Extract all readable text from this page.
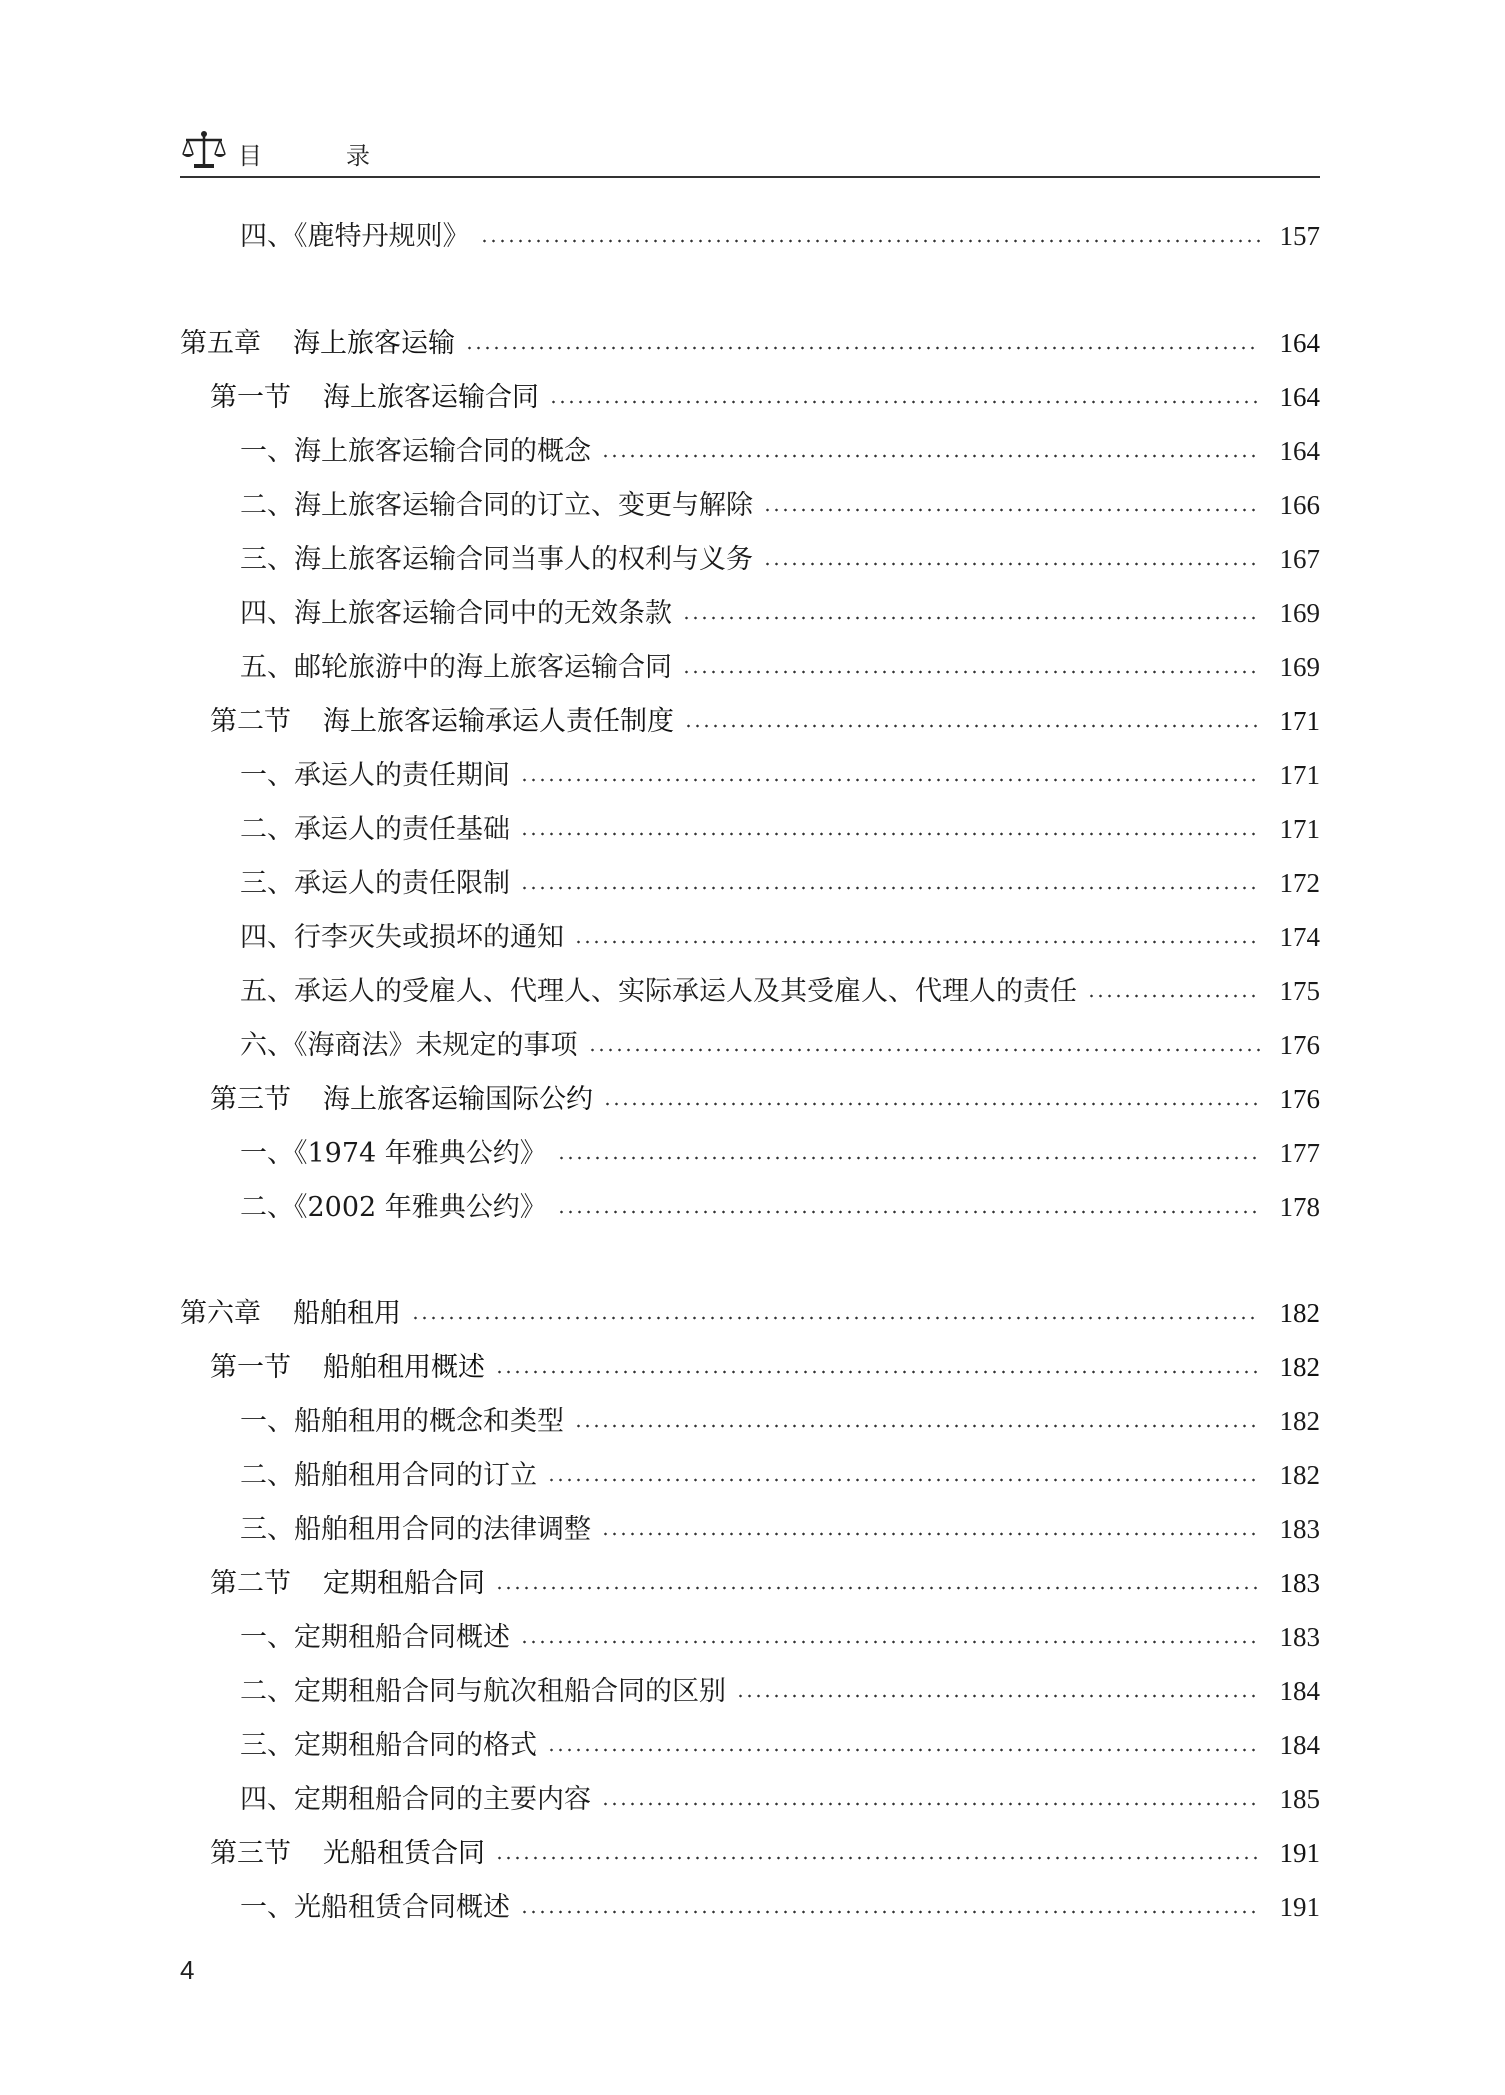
目　录
四、《鹿特丹规则》	157
第五章 海上旅客运输	164
第一节 海上旅客运输合同	164
一、海上旅客运输合同的概念	164
二、海上旅客运输合同的订立、变更与解除	166
三、海上旅客运输合同当事人的权利与义务	167
四、海上旅客运输合同中的无效条款	169
五、邮轮旅游中的海上旅客运输合同	169
第二节 海上旅客运输承运人责任制度	171
一、承运人的责任期间	171
二、承运人的责任基础	171
三、承运人的责任限制	172
四、行李灭失或损坏的通知	174
五、承运人的受雇人、代理人、实际承运人及其受雇人、代理人的责任	175
六、《海商法》未规定的事项	176
第三节 海上旅客运输国际公约	176
一、《1974 年雅典公约》	177
二、《2002 年雅典公约》	178
第六章 船舶租用	182
第一节 船舶租用概述	182
一、船舶租用的概念和类型	182
二、船舶租用合同的订立	182
三、船舶租用合同的法律调整	183
第二节 定期租船合同	183
一、定期租船合同概述	183
二、定期租船合同与航次租船合同的区别	184
三、定期租船合同的格式	184
四、定期租船合同的主要内容	185
第三节 光船租赁合同	191
一、光船租赁合同概述	191
4
